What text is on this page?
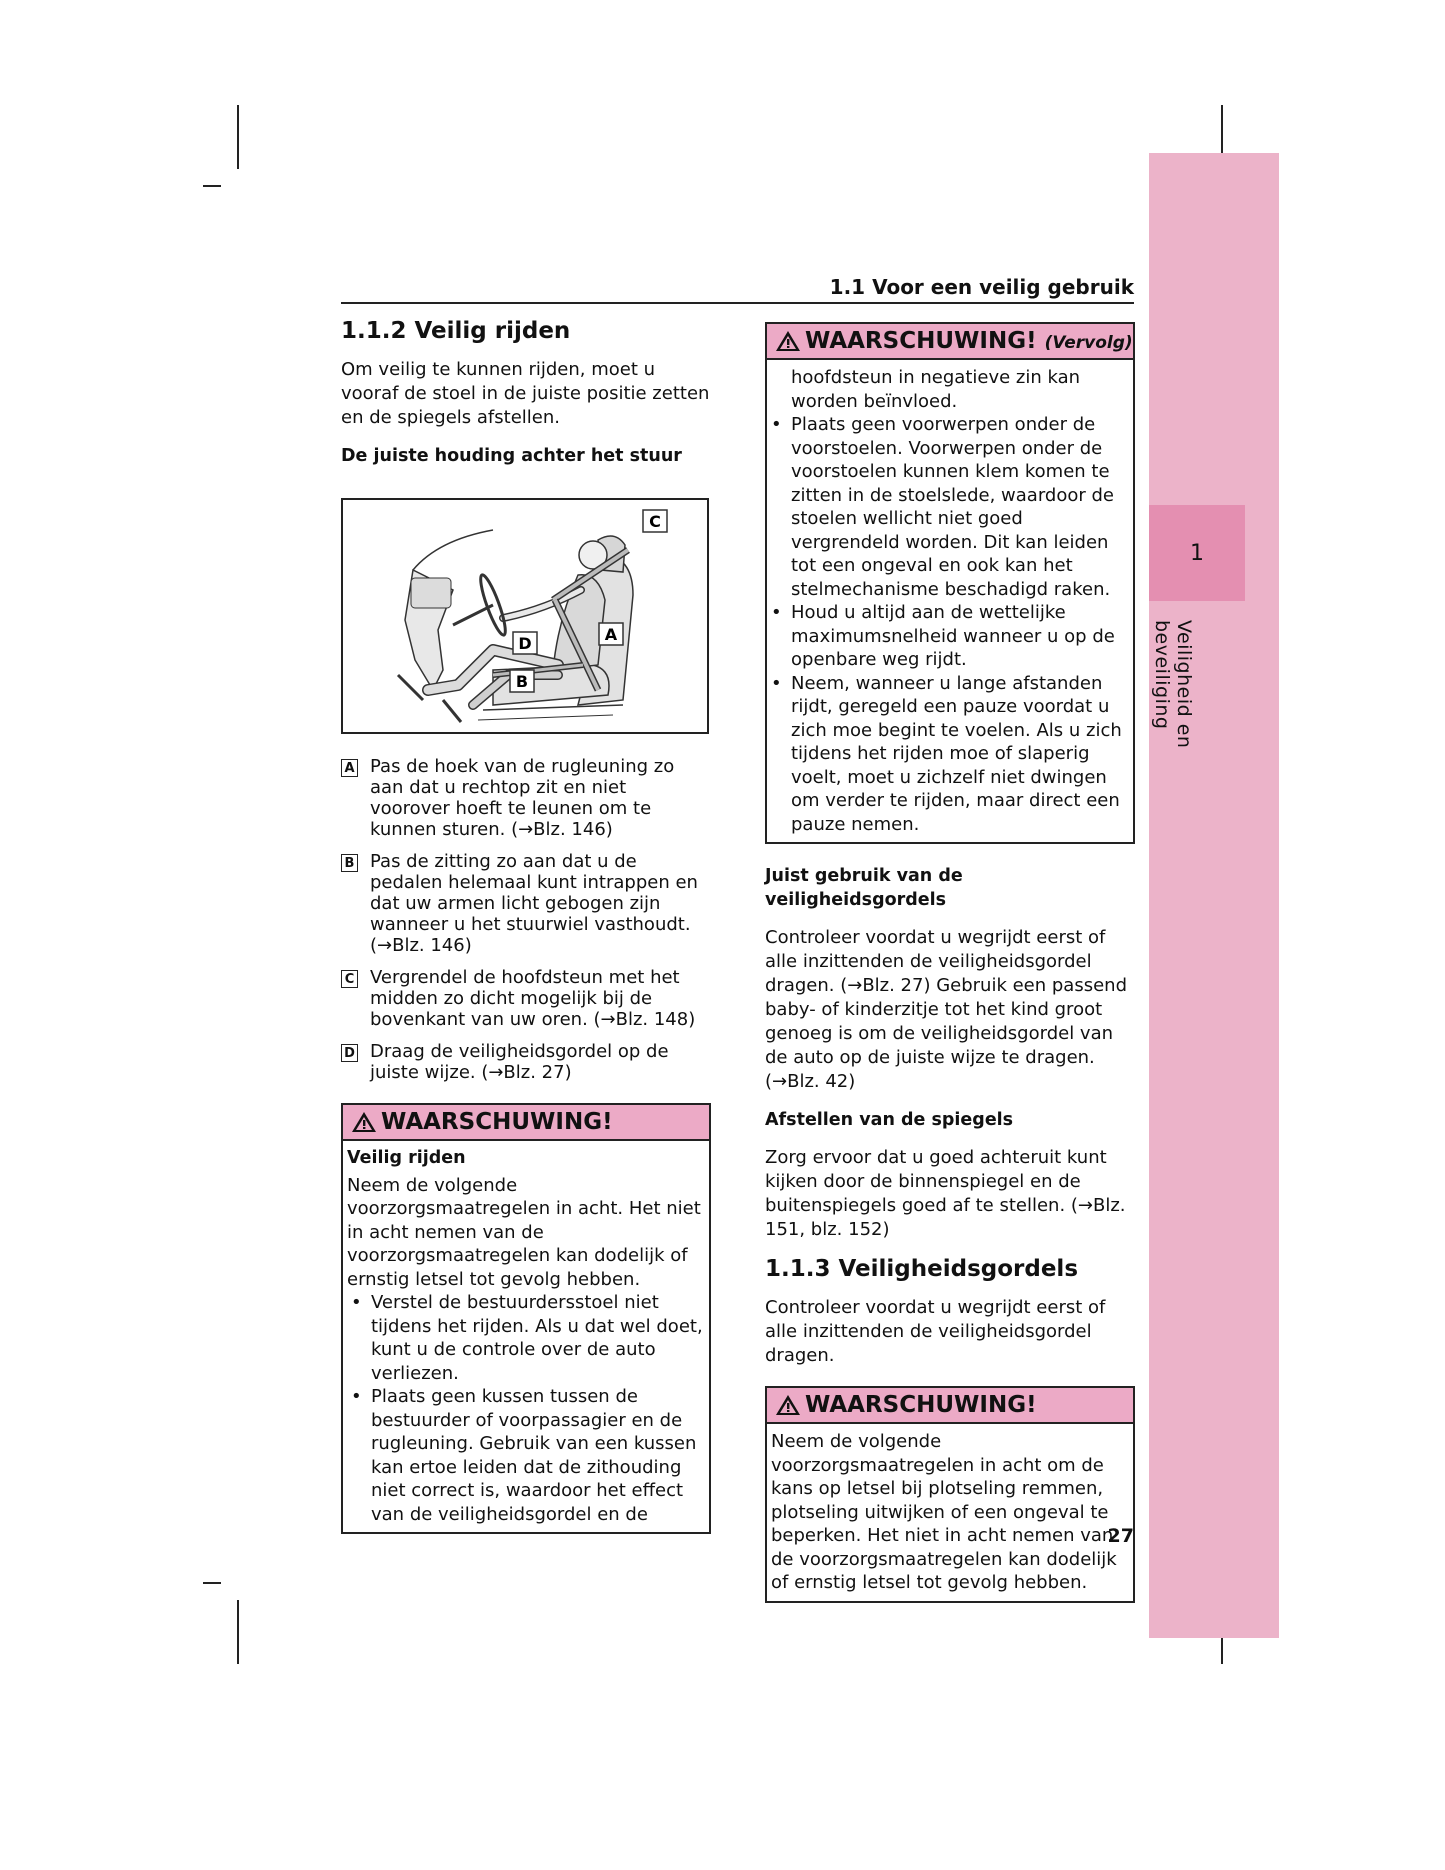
1
Veiligheid en beveiliging
1.1 Voor een veilig gebruik
1.1.2 Veilig rijden

Om veilig te kunnen rijden, moet u vooraf de stoel in de juiste positie zetten en de spiegels afstellen.

De juiste houding achter het stuur
C
A
D
B
A Pas de hoek van de rugleuning zo aan dat u rechtop zit en niet voorover hoeft te leunen om te kunnen sturen. (→Blz. 146)
B Pas de zitting zo aan dat u de pedalen helemaal kunt intrappen en dat uw armen licht gebogen zijn wanneer u het stuurwiel vasthoudt. (→Blz. 146)
C Vergrendel de hoofdsteun met het midden zo dicht mogelijk bij de bovenkant van uw oren. (→Blz. 148)
D Draag de veiligheidsgordel op de juiste wijze. (→Blz. 27)
WAARSCHUWING!
Veilig rijden
Neem de volgende voorzorgsmaatregelen in acht. Het niet in acht nemen van de voorzorgsmaatregelen kan dodelijk of ernstig letsel tot gevolg hebben.
• Verstel de bestuurdersstoel niet tijdens het rijden. Als u dat wel doet, kunt u de controle over de auto verliezen.
• Plaats geen kussen tussen de bestuurder of voorpassagier en de rugleuning. Gebruik van een kussen kan ertoe leiden dat de zithouding niet correct is, waardoor het effect van de veiligheidsgordel en de
WAARSCHUWING! (Vervolg)
hoofdsteun in negatieve zin kan worden beïnvloed.
• Plaats geen voorwerpen onder de voorstoelen. Voorwerpen onder de voorstoelen kunnen klem komen te zitten in de stoelslede, waardoor de stoelen wellicht niet goed vergrendeld worden. Dit kan leiden tot een ongeval en ook kan het stelmechanisme beschadigd raken.
• Houd u altijd aan de wettelijke maximumsnelheid wanneer u op de openbare weg rijdt.
• Neem, wanneer u lange afstanden rijdt, geregeld een pauze voordat u zich moe begint te voelen. Als u zich tijdens het rijden moe of slaperig voelt, moet u zichzelf niet dwingen om verder te rijden, maar direct een pauze nemen.
Juist gebruik van de veiligheidsgordels

Controleer voordat u wegrijdt eerst of alle inzittenden de veiligheidsgordel dragen. (→Blz. 27) Gebruik een passend baby- of kinderzitje tot het kind groot genoeg is om de veiligheidsgordel van de auto op de juiste wijze te dragen. (→Blz. 42)

Afstellen van de spiegels

Zorg ervoor dat u goed achteruit kunt kijken door de binnenspiegel en de buitenspiegels goed af te stellen. (→Blz. 151, blz. 152)

1.1.3 Veiligheidsgordels

Controleer voordat u wegrijdt eerst of alle inzittenden de veiligheidsgordel dragen.

WAARSCHUWING!
Neem de volgende voorzorgsmaatregelen in acht om de kans op letsel bij plotseling remmen, plotseling uitwijken of een ongeval te beperken. Het niet in acht nemen van de voorzorgsmaatregelen kan dodelijk of ernstig letsel tot gevolg hebben.
27
